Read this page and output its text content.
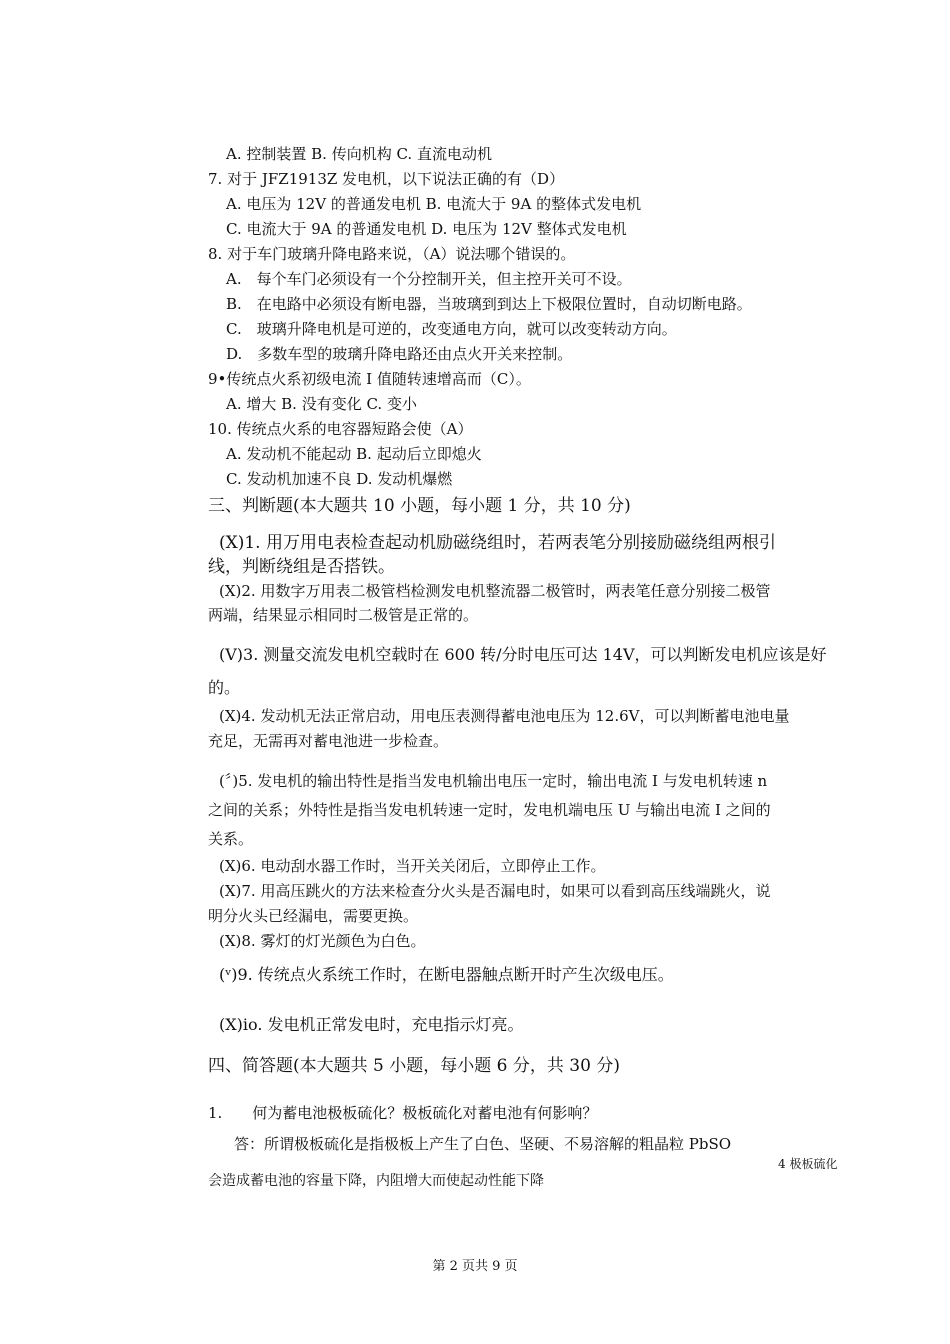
A. 控制装置 B. 传向机构 C. 直流电动机
7. 对于 JFZ1913Z 发电机，以下说法正确的有（D）
A. 电压为 12V 的普通发电机 B. 电流大于 9A 的整体式发电机
C. 电流大于 9A 的普通发电机 D. 电压为 12V 整体式发电机
8. 对于车门玻璃升降电路来说，（A）说法哪个错误的。
A.　每个车门必须设有一个分控制开关，但主控开关可不设。
B.　在电路中必须设有断电器，当玻璃到到达上下极限位置时，自动切断电路。
C.　玻璃升降电机是可逆的，改变通电方向，就可以改变转动方向。
D.　多数车型的玻璃升降电路还由点火开关来控制。
9•传统点火系初级电流 I 值随转速增高而（C）。
A. 增大 B. 没有变化 C. 变小
10. 传统点火系的电容器短路会使（A）
A. 发动机不能起动 B. 起动后立即熄火
C. 发动机加速不良 D. 发动机爆燃
三、判断题(本大题共 10 小题，每小题 1 分，共 10 分)
(X)1. 用万用电表检查起动机励磁绕组时，若两表笔分别接励磁绕组两根引
线，判断绕组是否搭铁。
(X)2. 用数字万用表二极管档检测发电机整流器二极管时，两表笔任意分别接二极管
两端，结果显示相同时二极管是正常的。
(V)3. 测量交流发电机空载时在 600 转/分时电压可达 14V，可以判断发电机应该是好
的。
(X)4. 发动机无法正常启动，用电压表测得蓄电池电压为 12.6V，可以判断蓄电池电量
充足，无需再对蓄电池进一步检查。
(〞)5. 发电机的输出特性是指当发电机输出电压一定时，输出电流 I 与发电机转速 n
之间的关系；外特性是指当发电机转速一定时，发电机端电压 U 与输出电流 I 之间的
关系。
(X)6. 电动刮水器工作时，当开关关闭后，立即停止工作。
(X)7. 用高压跳火的方法来检查分火头是否漏电时，如果可以看到高压线端跳火，说
明分火头已经漏电，需要更换。
(X)8. 雾灯的灯光颜色为白色。
(ᵛ)9. 传统点火系统工作时，在断电器触点断开时产生次级电压。
(X)io. 发电机正常发电时，充电指示灯亮。
四、简答题(本大题共 5 小题，每小题 6 分，共 30 分)
1.　　何为蓄电池极板硫化？极板硫化对蓄电池有何影响？
答：所谓极板硫化是指极板上产生了白色、坚硬、不易溶解的粗晶粒 PbSO
4 极板硫化
会造成蓄电池的容量下降，内阻增大而使起动性能下降
第 2 页共 9 页
